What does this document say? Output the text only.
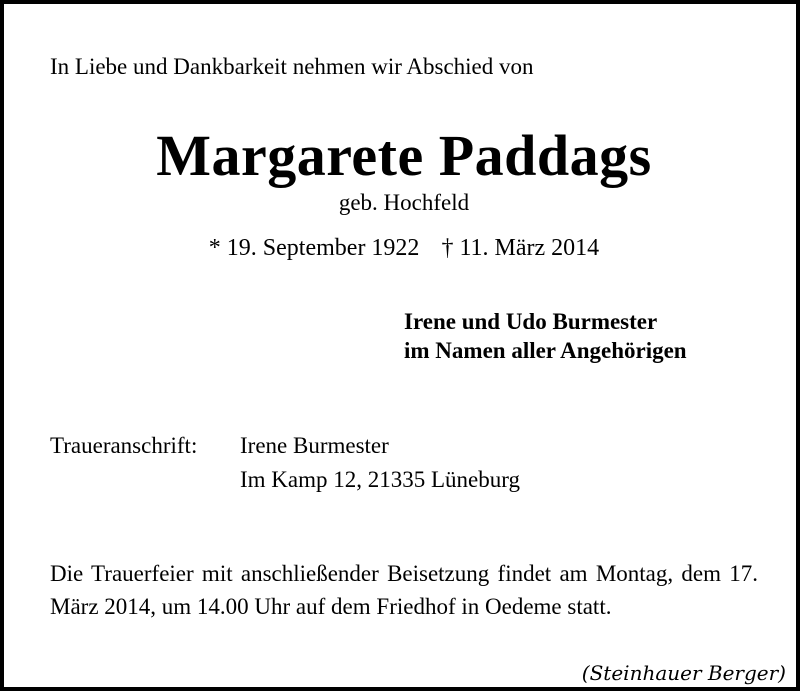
In Liebe und Dankbarkeit nehmen wir Abschied von
Margarete Paddags
geb. Hochfeld
* 19. September 1922 † 11. März 2014
Irene und Udo Burmester
im Namen aller Angehörigen
Traueranschrift: Irene Burmester
Im Kamp 12, 21335 Lüneburg
Die Trauerfeier mit anschließender Beisetzung findet am Montag, dem 17. März 2014, um 14.00 Uhr auf dem Friedhof in Oedeme statt.
(Steinhauer Berger)
